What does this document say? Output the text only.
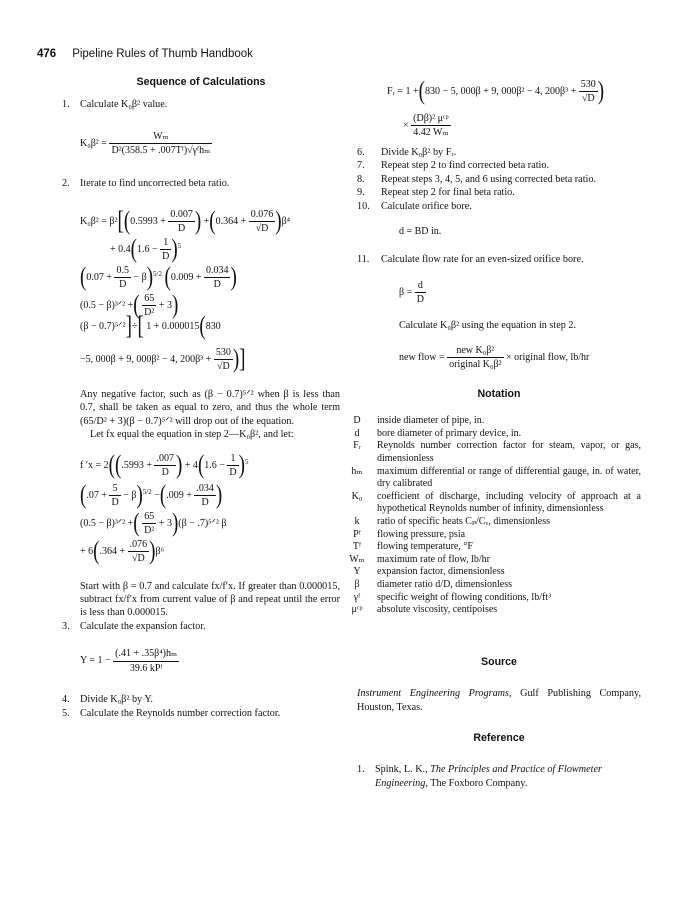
476 Pipeline Rules of Thumb Handbook
Sequence of Calculations
1.	Calculate K₀β² value.
K₀β² =
Wₘ
D²(358.5 + .007Tᶠ)√γᶠhₘ
2.	Iterate to find uncorrected beta ratio.
$K_0\beta^2 = \beta^2[(0.5993 + \frac{0.007}{D}$ ) $+(0.364 + \frac{0.076}{√D} )\beta^4$
+ $0.4(1.6 - \frac{1}{D} )^5$
$(0.07 + \frac{0.5}{D} - \beta)^{5/2}$ ($0.009 + \frac{0.034}{D}$ )
(0.5 − β)³ᐟ² +( $\frac{65}{\text{D²}} + 3$)
(β − 0.7)⁵ᐟ²]÷[ 1 + 0.000015(830
−5, 000β + 9, 000β² − 4, $200\beta^3 + \frac{530}{√D}$ )]

Any negative factor, such as (β − 0.7)⁵ᐟ² when β is less than 0.7, shall be taken as equal to zero, and thus the whole term (65/D² + 3)(β − 0.7)⁵ᐟ² will drop out of the equation.

Let fx equal the equation in step 2—K₀β², and let:

f $'x = 2((.5993 + \frac{.007}{D}$ ) + $4(1.6 - \frac{1}{D} )^5$
$(.07 + \frac{5}{D} - \beta)^{5/2} -(.009 + \frac{.034}{D}$ )
(0.5 − β)³ᐟ² +( $\frac{65}{\text{D²}} + 3)(\beta$ − .7)⁵ᐟ² β
+ $6(.364 + \frac{.076}{√D} )\beta^6$

Start with β = 0.7 and calculate fx/f′x. If greater than 0.000015, subtract fx/f′x from current value of β and repeat until the error is less than 0.000015.

3.	Calculate the expansion factor.
Y = 1 −
(.41 + .35β⁴)hₘ
39.6 kPᶠ
4.	Divide K₀β² by Y.
5.	Calculate the Reynolds number correction factor.
Fᵣ = 1 +(830 − 5, 000β + 9, 000β² − 4, $200\beta^3 + \frac{530}{√D}$ )
×
(Dβ)² μᶜᵖ
4.42 Wₘ
6.	Divide K₀β² by Fᵣ.
7.	Repeat step 2 to find corrected beta ratio.
8.	Repeat steps 3, 4, 5, and 6 using corrected beta ratio.
9.	Repeat step 2 for final beta ratio.
10.	Calculate orifice bore.
d = BD in.
11.	Calculate flow rate for an even-sized orifice bore.
$\beta = \frac{d}{D}$

Calculate K₀β² using the equation in step 2.

new flow =
new K₀β²
original K₀β²
× original flow, lb/hr
Notation
D	inside diameter of pipe, in.
d	bore diameter of primary device, in.
Fᵣ	Reynolds number correction factor for steam, vapor, or gas, dimensionless
hₘ	maximum differential or range of differential gauge, in. of water, dry calibrated
K₀	coefficient of discharge, including velocity of approach at a hypothetical Reynolds number of infinity, dimensionless
k	ratio of specific heats Cₚ/Cᵥ, dimensionless
Pᶠ	flowing pressure, psia
Tᶠ	flowing temperature, °F
Wₘ	maximum rate of flow, lb/hr
Y	expansion factor, dimensionless
β	diameter ratio d/D, dimensionless
γᶠ	specific weight of flowing conditions, lb/ft³
μᶜᵖ	absolute viscosity, centipoises
Source

Instrument Engineering Programs, Gulf Publishing Company, Houston, Texas.

Reference
1.	Spink, L. K., The Principles and Practice of Flowmeter Engineering, The Foxboro Company.
